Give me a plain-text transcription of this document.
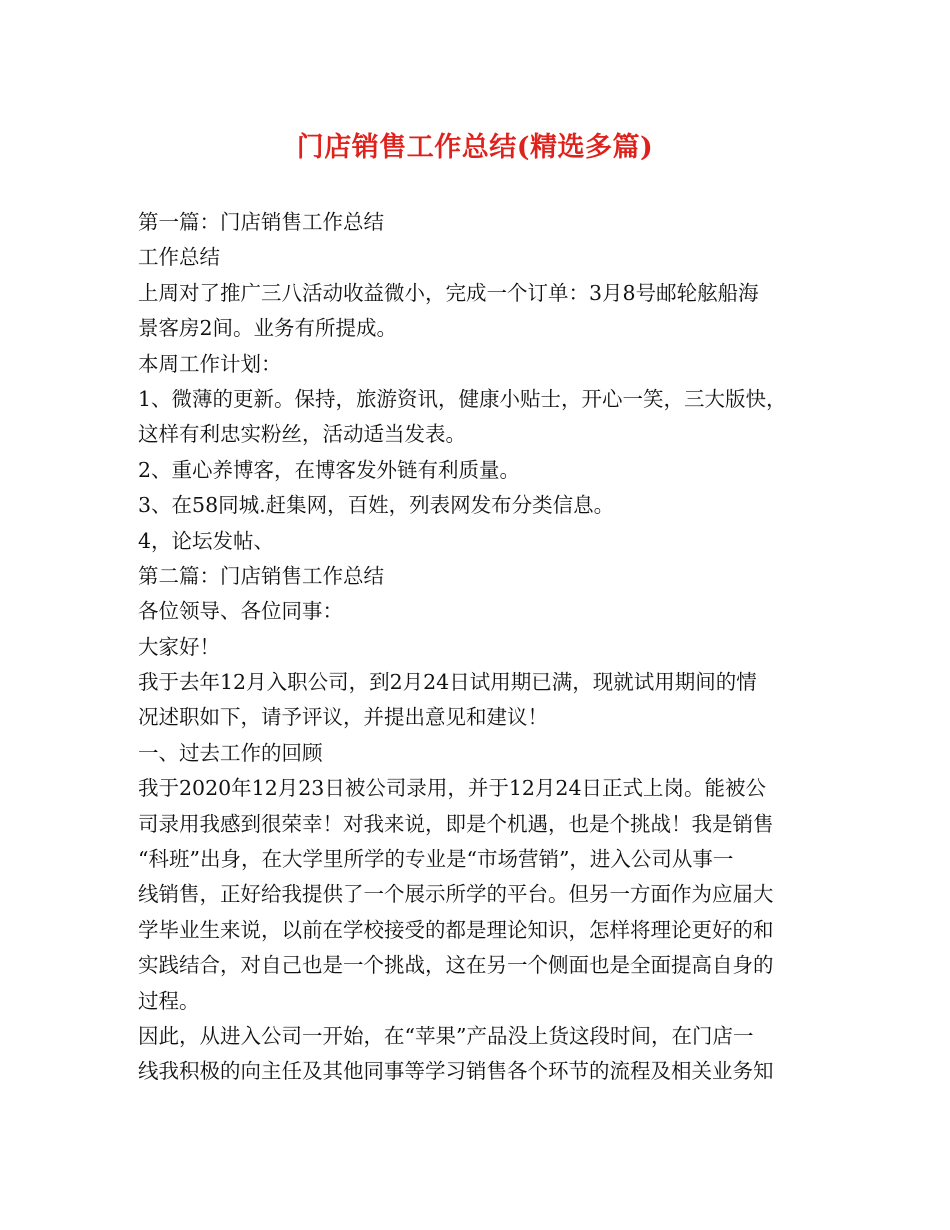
门店销售工作总结(精选多篇)
第一篇：门店销售工作总结
工作总结
上周对了推广三八活动收益微小，完成一个订单：3月8号邮轮舷船海
景客房2间。业务有所提成。
本周工作计划：
1、微薄的更新。保持，旅游资讯，健康小贴士，开心一笑，三大版快，
这样有利忠实粉丝，活动适当发表。
2、重心养博客，在博客发外链有利质量。
3、在58同城.赶集网，百姓，列表网发布分类信息。
4，论坛发帖、
第二篇：门店销售工作总结
各位领导、各位同事：
大家好！
我于去年12月入职公司，到2月24日试用期已满，现就试用期间的情
况述职如下，请予评议，并提出意见和建议！
一、过去工作的回顾
我于2020年12月23日被公司录用，并于12月24日正式上岗。能被公
司录用我感到很荣幸！对我来说，即是个机遇，也是个挑战！我是销售
“科班”出身，在大学里所学的专业是“市场营销”，进入公司从事一
线销售，正好给我提供了一个展示所学的平台。但另一方面作为应届大
学毕业生来说，以前在学校接受的都是理论知识，怎样将理论更好的和
实践结合，对自己也是一个挑战，这在另一个侧面也是全面提高自身的
过程。
因此，从进入公司一开始，在“苹果”产品没上货这段时间，在门店一
线我积极的向主任及其他同事等学习销售各个环节的流程及相关业务知
